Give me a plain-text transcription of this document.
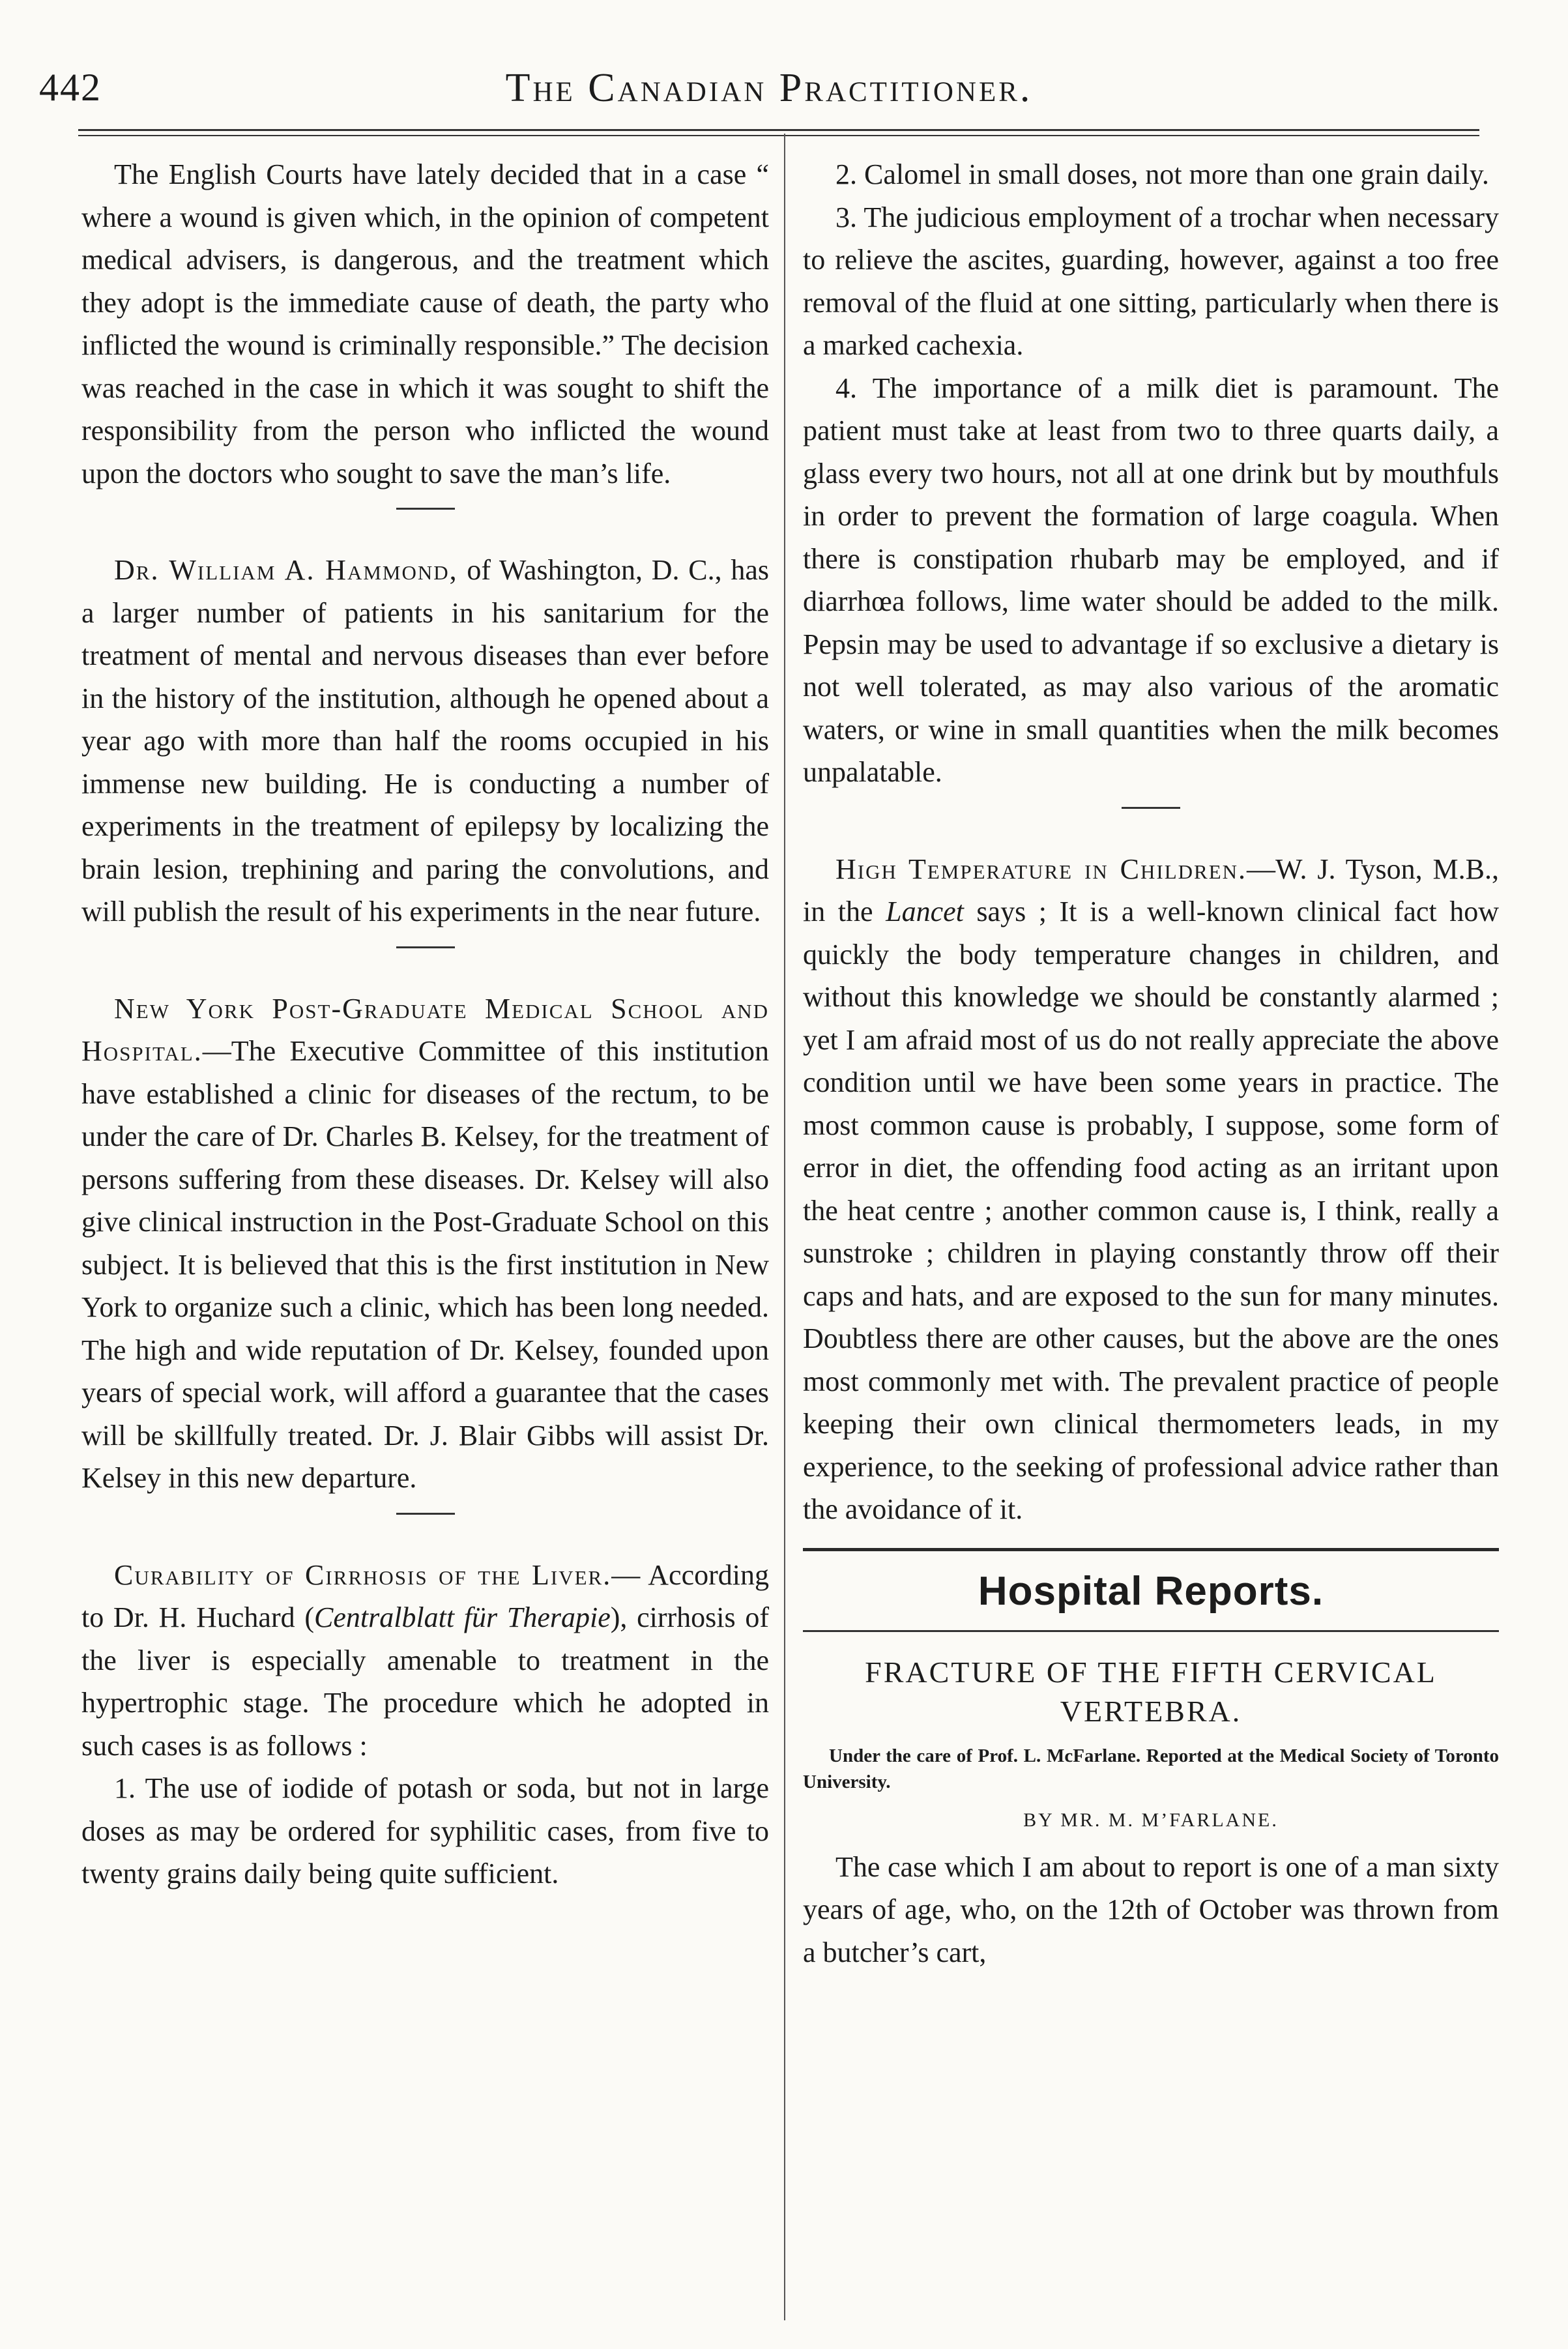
442	The Canadian Practitioner.

The English Courts have lately decided that in a case “ where a wound is given which, in the opinion of competent medical advisers, is dangerous, and the treatment which they adopt is the immediate cause of death, the party who inflicted the wound is criminally responsible.” The decision was reached in the case in which it was sought to shift the responsibility from the person who inflicted the wound upon the doctors who sought to save the man’s life.

Dr. William A. Hammond, of Washington, D. C., has a larger number of patients in his sanitarium for the treatment of mental and nervous diseases than ever before in the history of the institution, although he opened about a year ago with more than half the rooms occupied in his immense new building. He is conducting a number of experiments in the treatment of epilepsy by localizing the brain lesion, trephining and paring the convolutions, and will publish the result of his experiments in the near future.

New York Post-Graduate Medical School and Hospital.—The Executive Committee of this institution have established a clinic for diseases of the rectum, to be under the care of Dr. Charles B. Kelsey, for the treatment of persons suffering from these diseases. Dr. Kelsey will also give clinical instruction in the Post-Graduate School on this subject. It is believed that this is the first institution in New York to organize such a clinic, which has been long needed. The high and wide reputation of Dr. Kelsey, founded upon years of special work, will afford a guarantee that the cases will be skillfully treated. Dr. J. Blair Gibbs will assist Dr. Kelsey in this new departure.

Curability of Cirrhosis of the Liver.— According to Dr. H. Huchard (Centralblatt für Therapie), cirrhosis of the liver is especially amenable to treatment in the hypertrophic stage. The procedure which he adopted in such cases is as follows :

1. The use of iodide of potash or soda, but not in large doses as may be ordered for syphilitic cases, from five to twenty grains daily being quite sufficient.

2. Calomel in small doses, not more than one grain daily.

3. The judicious employment of a trochar when necessary to relieve the ascites, guarding, however, against a too free removal of the fluid at one sitting, particularly when there is a marked cachexia.

4. The importance of a milk diet is paramount. The patient must take at least from two to three quarts daily, a glass every two hours, not all at one drink but by mouthfuls in order to prevent the formation of large coagula. When there is constipation rhubarb may be employed, and if diarrhœa follows, lime water should be added to the milk. Pepsin may be used to advantage if so exclusive a dietary is not well tolerated, as may also various of the aromatic waters, or wine in small quantities when the milk becomes unpalatable.

High Temperature in Children.—W. J. Tyson, M.B., in the Lancet says ; It is a well-known clinical fact how quickly the body temperature changes in children, and without this knowledge we should be constantly alarmed ; yet I am afraid most of us do not really appreciate the above condition until we have been some years in practice. The most common cause is probably, I suppose, some form of error in diet, the offending food acting as an irritant upon the heat centre ; another common cause is, I think, really a sunstroke ; children in playing constantly throw off their caps and hats, and are exposed to the sun for many minutes. Doubtless there are other causes, but the above are the ones most commonly met with. The prevalent practice of people keeping their own clinical thermometers leads, in my experience, to the seeking of professional advice rather than the avoidance of it.

Hospital Reports.
FRACTURE OF THE FIFTH CERVICAL VERTEBRA.

Under the care of Prof. L. McFarlane. Reported at the Medical Society of Toronto University.

BY MR. M. M’FARLANE.

The case which I am about to report is one of a man sixty years of age, who, on the 12th of October was thrown from a butcher’s cart,
